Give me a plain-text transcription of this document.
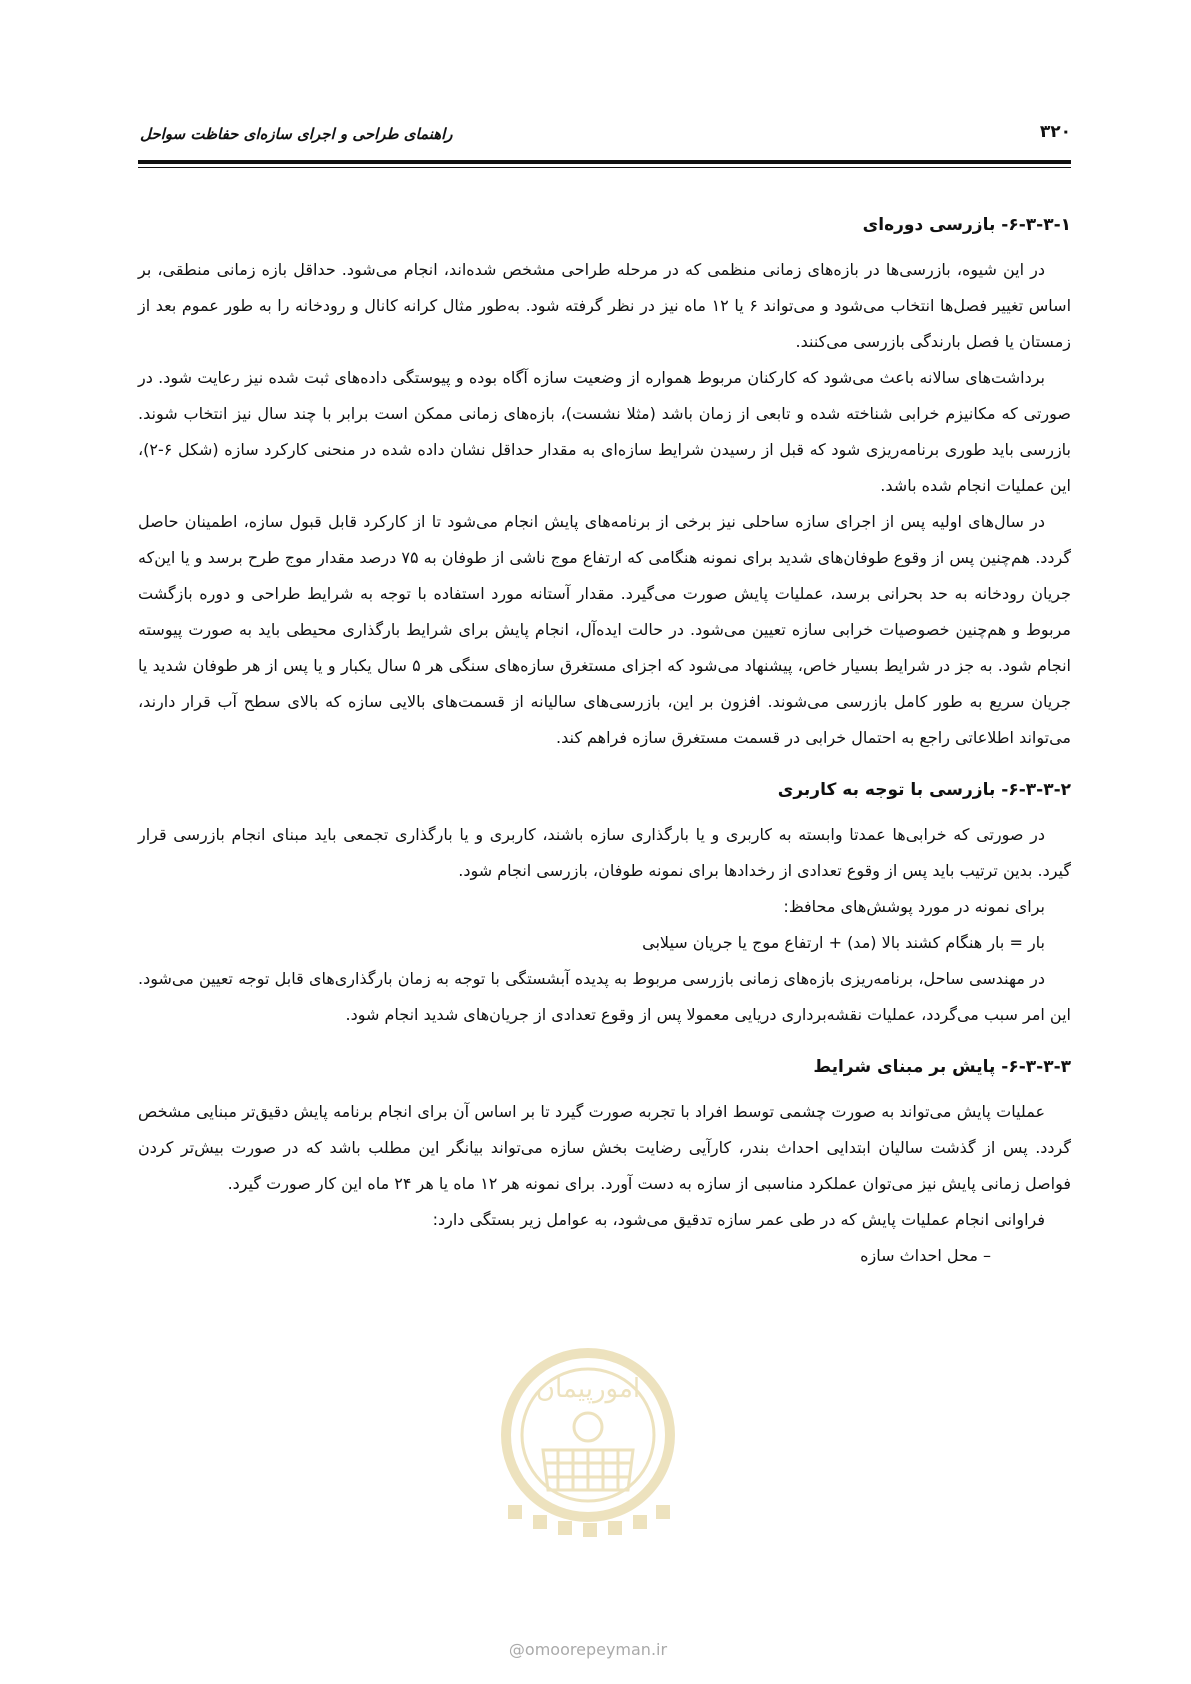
راهنمای طراحی و اجرای سازه‌ای حفاظت سواحل	۳۲۰
۶-۳-۳-۱- بازرسی دوره‌ای

در این شیوه، بازرسی‌ها در بازه‌های زمانی منظمی که در مرحله طراحی مشخص شده‌اند، انجام می‌شود. حداقل بازه زمانی منطقی، بر اساس تغییر فصل‌ها انتخاب می‌شود و می‌تواند ۶ یا ۱۲ ماه نیز در نظر گرفته شود. به‌طور مثال کرانه کانال و رودخانه را به طور عموم بعد از زمستان یا فصل بارندگی بازرسی می‌کنند.

برداشت‌های سالانه باعث می‌شود که کارکنان مربوط همواره از وضعیت سازه آگاه بوده و پیوستگی داده‌های ثبت شده نیز رعایت شود. در صورتی که مکانیزم خرابی شناخته شده و تابعی از زمان باشد (مثلا نشست)، بازه‌های زمانی ممکن است برابر با چند سال نیز انتخاب شوند. بازرسی باید طوری برنامه‌ریزی شود که قبل از رسیدن شرایط سازه‌ای به مقدار حداقل نشان داده شده در منحنی کارکرد سازه (شکل ۶-۲)، این عملیات انجام شده باشد.

در سال‌های اولیه پس از اجرای سازه ساحلی نیز برخی از برنامه‌های پایش انجام می‌شود تا از کارکرد قابل قبول سازه، اطمینان حاصل گردد. هم‌چنین پس از وقوع طوفان‌های شدید برای نمونه هنگامی که ارتفاع موج ناشی از طوفان به ۷۵ درصد مقدار موج طرح برسد و یا این‌که جریان رودخانه به حد بحرانی برسد، عملیات پایش صورت می‌گیرد. مقدار آستانه مورد استفاده با توجه به شرایط طراحی و دوره بازگشت مربوط و هم‌چنین خصوصیات خرابی سازه تعیین می‌شود. در حالت ایده‌آل، انجام پایش برای شرایط بارگذاری محیطی باید به صورت پیوسته انجام شود. به جز در شرایط بسیار خاص، پیشنهاد می‌شود که اجزای مستغرق سازه‌های سنگی هر ۵ سال یکبار و یا پس از هر طوفان شدید یا جریان سریع به طور کامل بازرسی می‌شوند. افزون بر این، بازرسی‌های سالیانه از قسمت‌های بالایی سازه که بالای سطح آب قرار دارند، می‌تواند اطلاعاتی راجع به احتمال خرابی در قسمت مستغرق سازه فراهم کند.

۶-۳-۳-۲- بازرسی با توجه به کاربری

در صورتی که خرابی‌ها عمدتا وابسته به کاربری و یا بارگذاری سازه باشند، کاربری و یا بارگذاری تجمعی باید مبنای انجام بازرسی قرار گیرد. بدین ترتیب باید پس از وقوع تعدادی از رخدادها برای نمونه طوفان، بازرسی انجام شود.

برای نمونه در مورد پوشش‌های محافظ:

بار = بار هنگام کشند بالا (مد) + ارتفاع موج یا جریان سیلابی

در مهندسی ساحل، برنامه‌ریزی بازه‌های زمانی بازرسی مربوط به پدیده آبشستگی با توجه به زمان بارگذاری‌های قابل توجه تعیین می‌شود. این امر سبب می‌گردد، عملیات نقشه‌برداری دریایی معمولا پس از وقوع تعدادی از جریان‌های شدید انجام شود.

۶-۳-۳-۳- پایش بر مبنای شرایط

عملیات پایش می‌تواند به صورت چشمی توسط افراد با تجربه صورت گیرد تا بر اساس آن برای انجام برنامه پایش دقیق‌تر مبنایی مشخص گردد. پس از گذشت سالیان ابتدایی احداث بندر، کارآیی رضایت بخش سازه می‌تواند بیانگر این مطلب باشد که در صورت بیش‌تر کردن فواصل زمانی پایش نیز می‌توان عملکرد مناسبی از سازه به دست آورد. برای نمونه هر ۱۲ ماه یا هر ۲۴ ماه این کار صورت گیرد.

فراوانی انجام عملیات پایش که در طی عمر سازه تدقیق می‌شود، به عوامل زیر بستگی دارد:

– محل احداث سازه

امورپیمان
@omoorepeyman.ir
